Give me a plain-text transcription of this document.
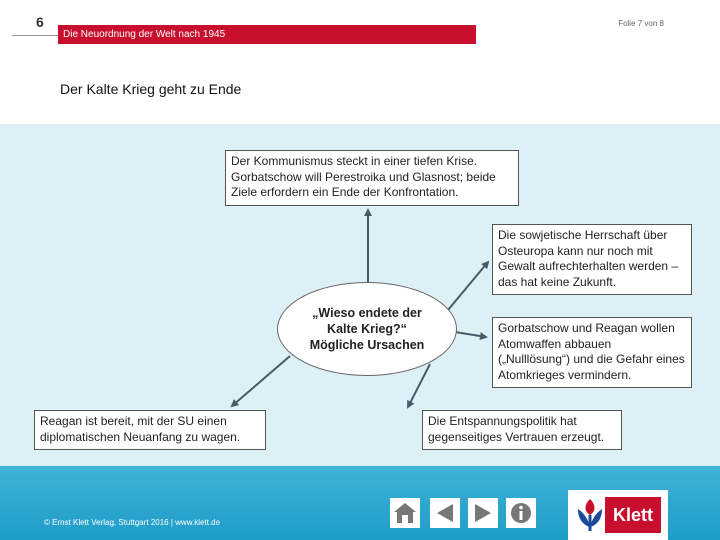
6	Folie 7 von 8
Die Neuordnung der Welt nach 1945
Der Kalte Krieg geht zu Ende
Der Kommunismus steckt in einer tiefen Krise. Gorbatschow will Perestroika und Glasnost; beide Ziele erfordern ein Ende der Konfrontation.
Die sowjetische Herrschaft über Osteuropa kann nur noch mit Gewalt aufrechterhalten werden – das hat keine Zukunft.
„Wieso endete der
Kalte Krieg?“
Mögliche Ursachen
Gorbatschow und Reagan wollen Atomwaffen abbauen („Nulllösung“) und die Gefahr eines Atomkrieges vermindern.
Reagan ist bereit, mit der SU einen diplomatischen Neuanfang zu wagen.
Die Entspannungspolitik hat gegenseitiges Vertrauen erzeugt.
© Ernst Klett Verlag, Stuttgart 2016 | www.klett.de	Klett
